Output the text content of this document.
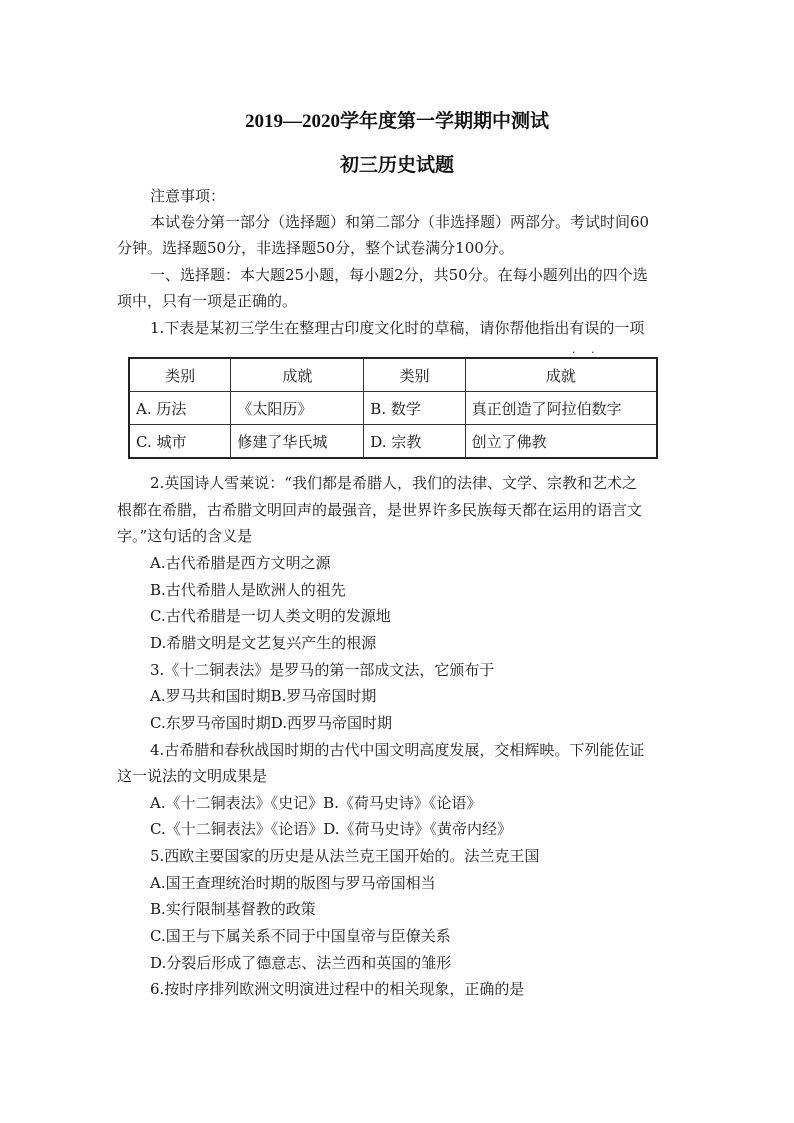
2019—2020学年度第一学期期中测试
初三历史试题
注意事项：
本试卷分第一部分（选择题）和第二部分（非选择题）两部分。考试时间60
分钟。选择题50分，非选择题50分，整个试卷满分100分。
一、选择题：本大题25小题，每小题2分，共50分。在每小题列出的四个选
项中，只有一项是正确的。
1.下表是某初三学生在整理古印度文化时的草稿，请你帮他指出有误的一项
· ·
类别	成就	类别	成就
A. 历法	《太阳历》	B. 数学	真正创造了阿拉伯数字
C. 城市	修建了华氏城	D. 宗教	创立了佛教
2.英国诗人雪莱说：“我们都是希腊人，我们的法律、文学、宗教和艺术之
根都在希腊，古希腊文明回声的最强音，是世界许多民族每天都在运用的语言文
字。”这句话的含义是
A.古代希腊是西方文明之源
B.古代希腊人是欧洲人的祖先
C.古代希腊是一切人类文明的发源地
D.希腊文明是文艺复兴产生的根源
3.《十二铜表法》是罗马的第一部成文法，它颁布于
A.罗马共和国时期B.罗马帝国时期
C.东罗马帝国时期D.西罗马帝国时期
4.古希腊和春秋战国时期的古代中国文明高度发展，交相辉映。下列能佐证
这一说法的文明成果是
A.《十二铜表法》《史记》B.《荷马史诗》《论语》
C.《十二铜表法》《论语》D.《荷马史诗》《黄帝内经》
5.西欧主要国家的历史是从法兰克王国开始的。法兰克王国
A.国王查理统治时期的版图与罗马帝国相当
B.实行限制基督教的政策
C.国王与下属关系不同于中国皇帝与臣僚关系
D.分裂后形成了德意志、法兰西和英国的雏形
6.按时序排列欧洲文明演进过程中的相关现象，正确的是
